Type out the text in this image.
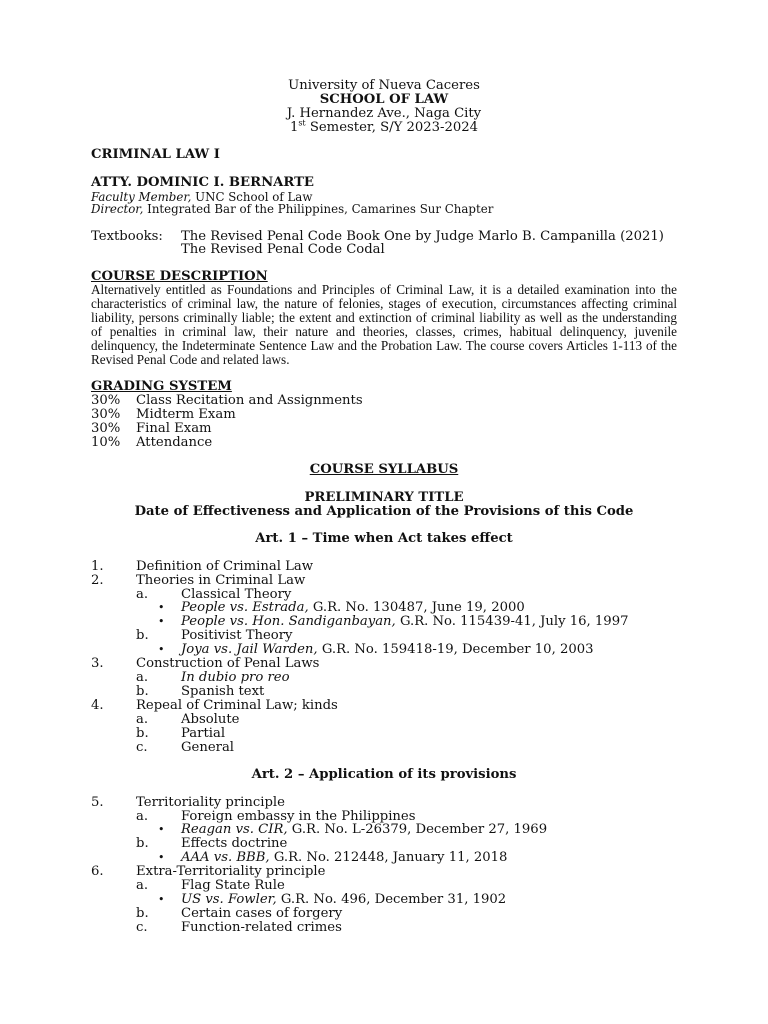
University of Nueva Caceres
SCHOOL OF LAW
J. Hernandez Ave., Naga City
1st Semester, S/Y 2023-2024
CRIMINAL LAW I
ATTY. DOMINIC I. BERNARTE
Faculty Member, UNC School of Law
Director, Integrated Bar of the Philippines, Camarines Sur Chapter
Textbooks: The Revised Penal Code Book One by Judge Marlo B. Campanilla (2021)
The Revised Penal Code Codal
COURSE DESCRIPTION
Alternatively entitled as Foundations and Principles of Criminal Law, it is a detailed examination into the characteristics of criminal law, the nature of felonies, stages of execution, circumstances affecting criminal liability, persons criminally liable; the extent and extinction of criminal liability as well as the understanding of penalties in criminal law, their nature and theories, classes, crimes, habitual delinquency, juvenile delinquency, the Indeterminate Sentence Law and the Probation Law. The course covers Articles 1-113 of the Revised Penal Code and related laws.
GRADING SYSTEM
30% Class Recitation and Assignments
30% Midterm Exam
30% Final Exam
10% Attendance
COURSE SYLLABUS
PRELIMINARY TITLE
Date of Effectiveness and Application of the Provisions of this Code
Art. 1 – Time when Act takes effect
1. Definition of Criminal Law
2. Theories in Criminal Law
a. Classical Theory
• People vs. Estrada, G.R. No. 130487, June 19, 2000
• People vs. Hon. Sandiganbayan, G.R. No. 115439-41, July 16, 1997
b. Positivist Theory
• Joya vs. Jail Warden, G.R. No. 159418-19, December 10, 2003
3. Construction of Penal Laws
a. In dubio pro reo
b. Spanish text
4. Repeal of Criminal Law; kinds
a. Absolute
b. Partial
c.	General
Art. 2 – Application of its provisions
5. Territoriality principle
a. Foreign embassy in the Philippines
• Reagan vs. CIR, G.R. No. L-26379, December 27, 1969
b. Effects doctrine
• AAA vs. BBB, G.R. No. 212448, January 11, 2018
6. Extra-Territoriality principle
a. Flag State Rule
• US vs. Fowler, G.R. No. 496, December 31, 1902
b. Certain cases of forgery
c.	Function-related crimes
